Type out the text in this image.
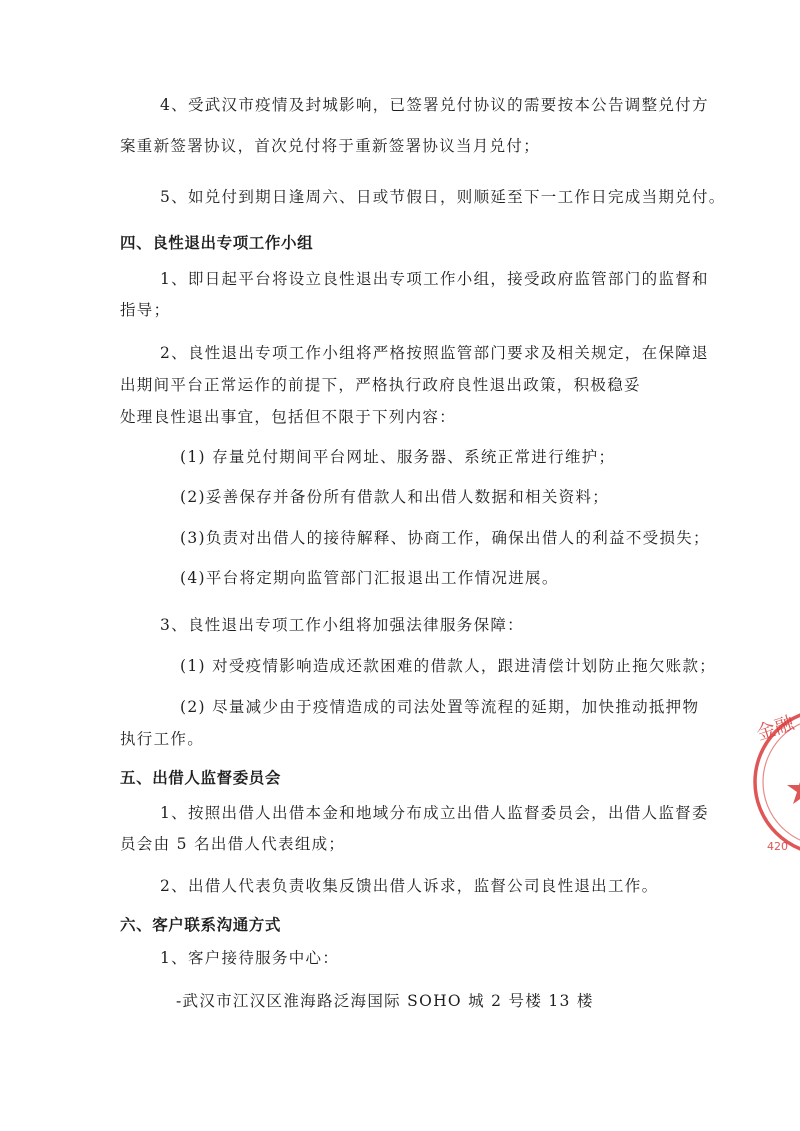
4、受武汉市疫情及封城影响，已签署兑付协议的需要按本公告调整兑付方
案重新签署协议，首次兑付将于重新签署协议当月兑付；
5、如兑付到期日逢周六、日或节假日，则顺延至下一工作日完成当期兑付。
四、良性退出专项工作小组
1、即日起平台将设立良性退出专项工作小组，接受政府监管部门的监督和
指导；
2、良性退出专项工作小组将严格按照监管部门要求及相关规定，在保障退
出期间平台正常运作的前提下，严格执行政府良性退出政策，积极稳妥
处理良性退出事宜，包括但不限于下列内容：
(1) 存量兑付期间平台网址、服务器、系统正常进行维护；
(2)妥善保存并备份所有借款人和出借人数据和相关资料；
(3)负责对出借人的接待解释、协商工作，确保出借人的利益不受损失；
(4)平台将定期向监管部门汇报退出工作情况进展。
3、良性退出专项工作小组将加强法律服务保障：
(1) 对受疫情影响造成还款困难的借款人，跟进清偿计划防止拖欠账款；
(2) 尽量减少由于疫情造成的司法处置等流程的延期，加快推动抵押物
执行工作。
五、出借人监督委员会
1、按照出借人出借本金和地域分布成立出借人监督委员会，出借人监督委
员会由 5 名出借人代表组成；
2、出借人代表负责收集反馈出借人诉求，监督公司良性退出工作。
六、客户联系沟通方式
1、客户接待服务中心：
-武汉市江汉区淮海路泛海国际 SOHO 城 2 号楼 13 楼
金融
420
